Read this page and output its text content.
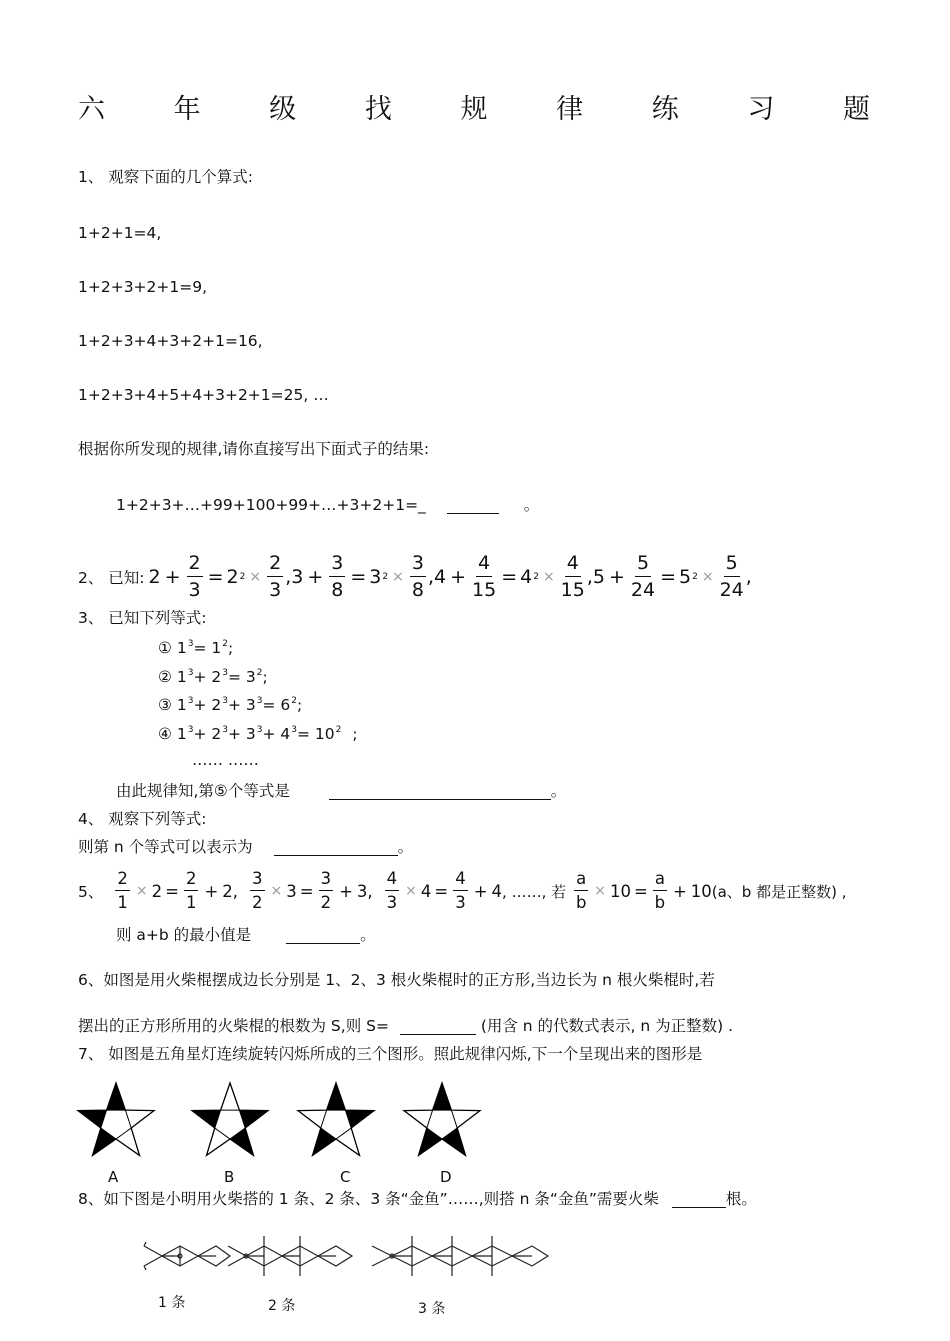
六	年	级	找	规	律	练	习	题
1、 观察下面的几个算式:
1+2+1=4,
1+2+3+2+1=9,
1+2+3+4+3+2+1=16,
1+2+3+4+5+4+3+2+1=25, …
根据你所发现的规律,请你直接写出下面式子的结果:
1+2+3+…+99+100+99+…+3+2+1=_	。
2、 已知: $2 + \frac{2}{3} = 2$ $2 \times \frac{2}{3} ,3 + \frac{3}{8} = 3$ $2 \times \frac{3}{8} ,4 + \frac{4}{15} = 4$ $2 \times \frac{4}{15} ,5 + \frac{5}{24} = 5$ $2 \times \frac{5}{24}$ ,
3、 已知下列等式:
① $1^3= 1^2$;
② $1^3+ 2^3= 3^2$;
③ $1^3+ 2^3+ 3^3= 6^2$;
④ $1^3+ 2^3+ 3^3+ 4^3= 10^2$ ;
…… ……
由此规律知,第⑤个等式是	。
4、 观察下列等式:
则第 n 个等式可以表示为	。
5、 $\frac{2}{1} \times 2 = \frac{2}{1} + 2$ , $\frac{3}{2} \times 3 = \frac{3}{2} + 3$ , $\frac{4}{3} \times 4 = \frac{4}{3} + 4$ , ……, 若 $\frac{a}{b} \times 10 = \frac{a}{b} + 10$ (a、b 都是正整数) ,
则 a+b 的最小值是	。
6、如图是用火柴棍摆成边长分别是 1、2、3 根火柴棍时的正方形,当边长为 n 根火柴棍时,若
摆出的正方形所用的火柴棍的根数为 S,则 S=	(用含 n 的代数式表示, n 为正整数) .
7、 如图是五角星灯连续旋转闪烁所成的三个图形。照此规律闪烁,下一个呈现出来的图形是
A	B	C	D
8、如下图是小明用火柴搭的 1 条、2 条、3 条“金鱼”……,则搭 n 条“金鱼”需要火柴	根。
1 条	2 条	3 条
